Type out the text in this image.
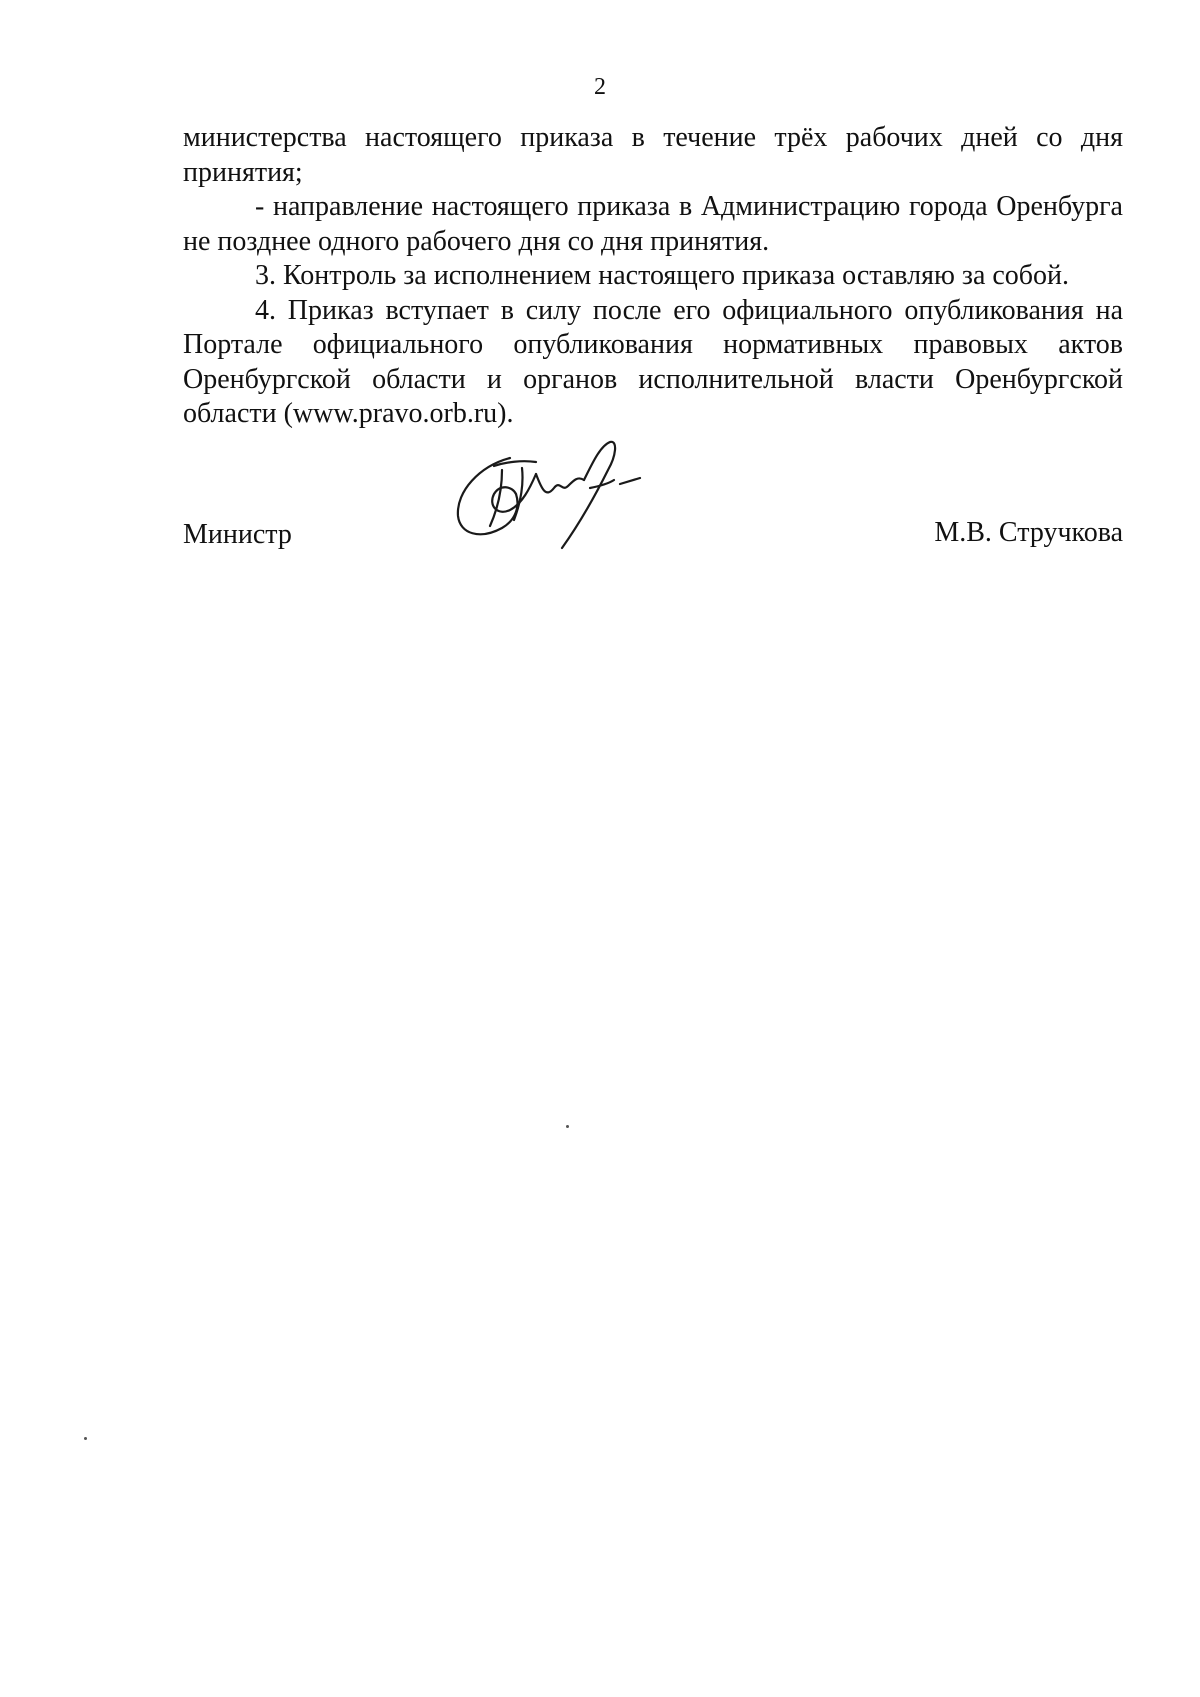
2

министерства настоящего приказа в течение трёх рабочих дней со дня принятия;

- направление настоящего приказа в Администрацию города Оренбурга не позднее одного рабочего дня со дня принятия.

3. Контроль за исполнением настоящего приказа оставляю за собой.

4. Приказ вступает в силу после его официального опубликования на Портале официального опубликования нормативных правовых актов Оренбургской области и органов исполнительной власти Оренбургской области (www.pravo.orb.ru).

Министр	М.В. Стручкова
